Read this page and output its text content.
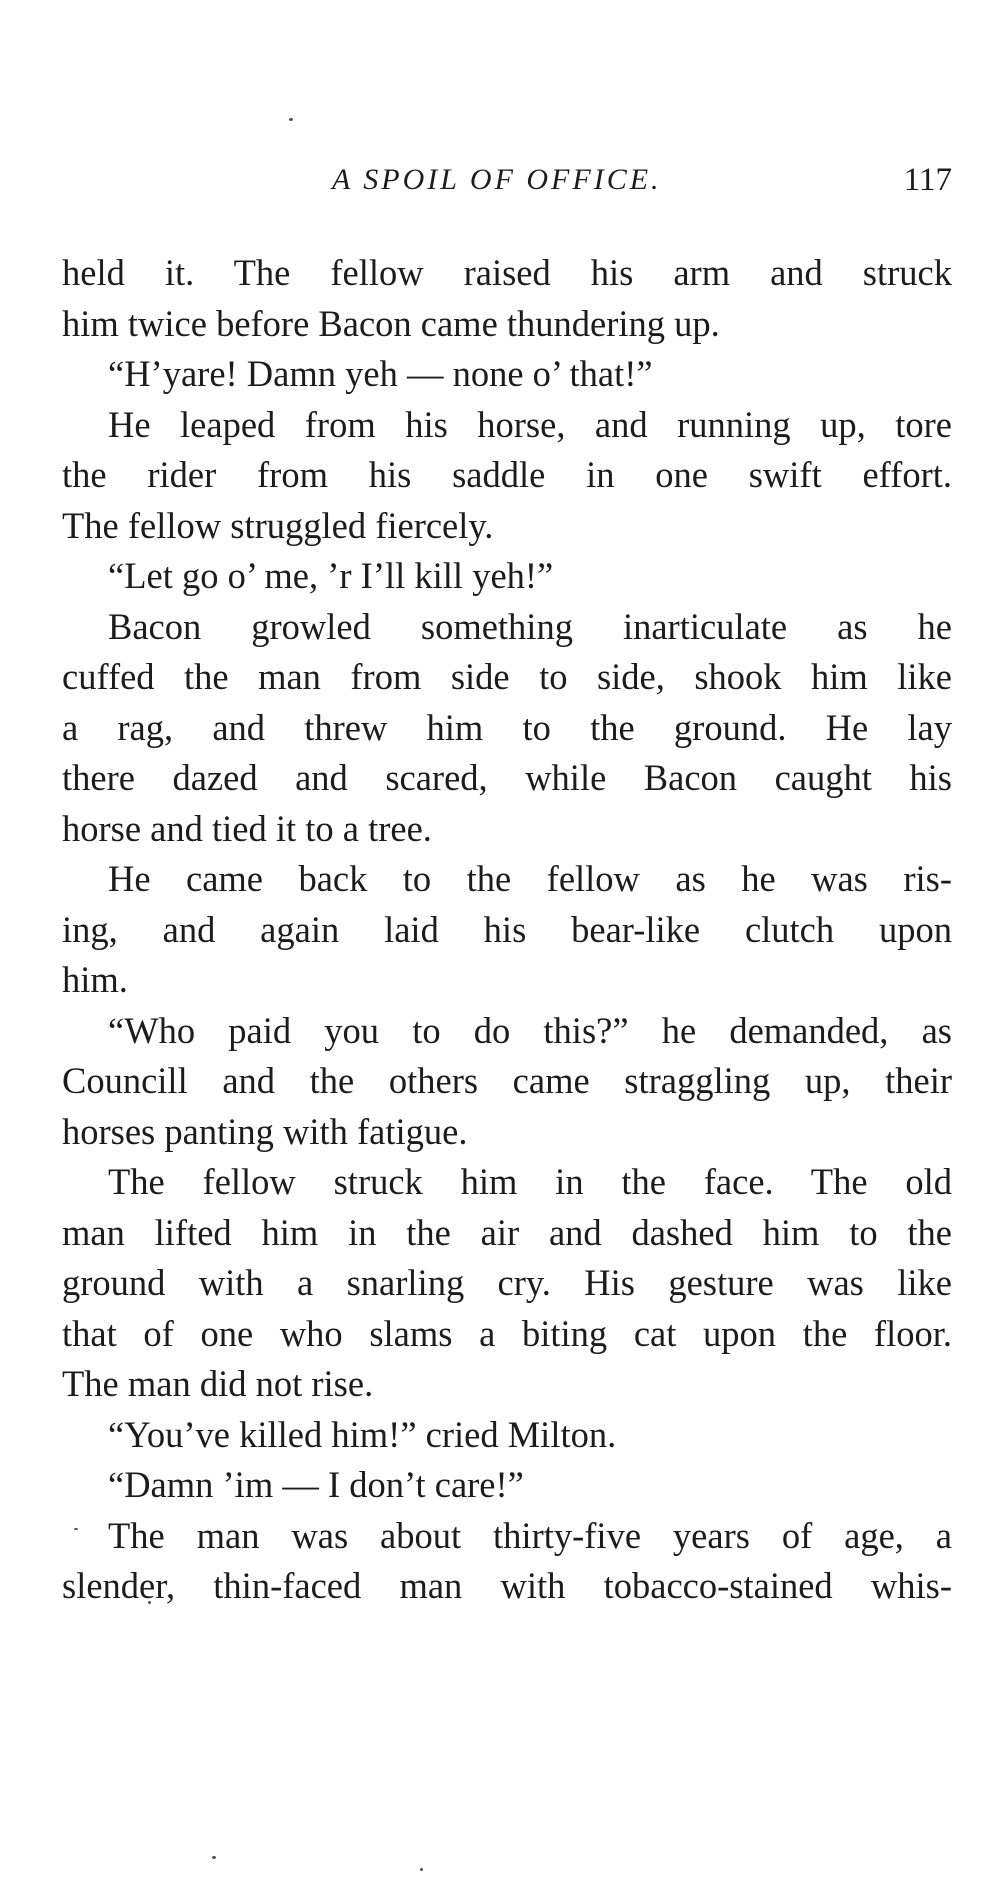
A SPOIL OF OFFICE.	117
held it. The fellow raised his arm and struck
him twice before Bacon came thundering up.
“H’yare! Damn yeh — none o’ that!”
He leaped from his horse, and running up, tore
the rider from his saddle in one swift effort.
The fellow struggled fiercely.
“Let go o’ me, ’r I’ll kill yeh!”
Bacon growled something inarticulate as he
cuffed the man from side to side, shook him like
a rag, and threw him to the ground. He lay
there dazed and scared, while Bacon caught his
horse and tied it to a tree.
He came back to the fellow as he was ris-
ing, and again laid his bear-like clutch upon
him.
“Who paid you to do this?” he demanded, as
Councill and the others came straggling up, their
horses panting with fatigue.
The fellow struck him in the face. The old
man lifted him in the air and dashed him to the
ground with a snarling cry. His gesture was like
that of one who slams a biting cat upon the floor.
The man did not rise.
“You’ve killed him!” cried Milton.
“Damn ’im — I don’t care!”
The man was about thirty-five years of age, a
slender, thin-faced man with tobacco-stained whis-
